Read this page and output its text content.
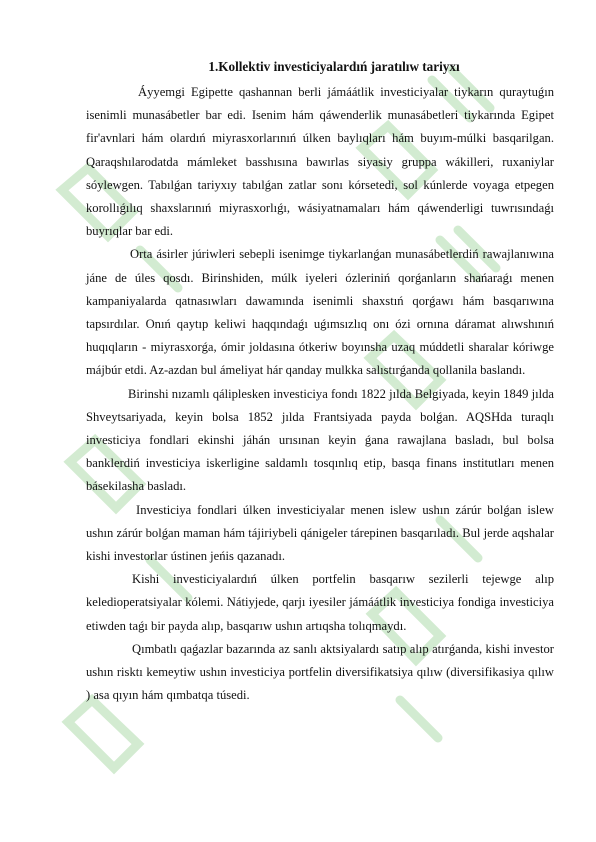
1.Kollektiv investiciyalardıń jaratılıw tariyxı

Áyyemgi Egipette qashannan berli jámáátlik investiciyalar tiykarın quraytuǵın isenimli munasábetler bar edi. Isenim hám qáwenderlik munasábetleri tiykarında Egipet fir'avnlari hám olardıń miyrasxorlarınıń úlken baylıqları hám buyım-múlki basqarilgan. Qaraqshılarodatda mámleket basshısına bawırlas siyasiy gruppa wákilleri, ruxaniylar sóylewgen. Tabılǵan tariyxıy tabılǵan zatlar sonı kórsetedi, sol kúnlerde voyaga etpegen korollıǵılıq shaxslarınıń miyrasxorlıǵı, wásiyatnamaları hám qáwenderligi tuwrısındaǵı buyrıqlar bar edi.

Orta ásirler júriwleri sebepli isenimge tiykarlanǵan munasábetlerdiń rawajlanıwına jáne de úles qosdı. Birinshiden, múlk iyeleri ózleriniń qorǵanların shańaraǵı menen kampaniyalarda qatnasıwları dawamında isenimli shaxstıń qorǵawı hám basqarıwına tapsırdılar. Onıń qaytıp keliwi haqqındaǵı uǵımsızlıq onı ózi ornına dáramat alıwshınıń huqıqların - miyrasxorǵa, ómir joldasına ótkeriw boyınsha uzaq múddetli sharalar kóriwge májbúr etdi. Az-azdan bul ámeliyat hár qanday mulkka salıstırǵanda qollanila baslandı.

Birinshi nızamlı qáliplesken investiciya fondı 1822 jılda Belgiyada, keyin 1849 jılda Shveytsariyada, keyin bolsa 1852 jılda Frantsiyada payda bolǵan. AQSHda turaqlı investiciya fondlari ekinshi jáhán urısınan keyin ǵana rawajlana basladı, bul bolsa banklerdiń investiciya iskerligine saldamlı tosqınlıq etip, basqa finans institutları menen básekilasha basladı.

Investiciya fondlari úlken investiciyalar menen islew ushın zárúr bolǵan islew ushın zárúr bolǵan maman hám tájiriybeli qánigeler tárepinen basqarıladı. Bul jerde aqshalar kishi investorlar ústinen jeńis qazanadı.

Kishi investiciyalardıń úlken portfelin basqarıw sezilerli tejewge alıp keledioperatsiyalar kólemi. Nátiyjede, qarjı iyesiler jámáátlik investiciya fondiga investiciya etiwden taǵı bir payda alıp, basqarıw ushın artıqsha tolıqmaydı.

Qımbatlı qaǵazlar bazarında az sanlı aktsiyalardı satıp alıp atırǵanda, kishi investor ushın risktı kemeytiw ushın investiciya portfelin diversifikatsiya qılıw (diversifikasiya qılıw ) asa qıyın hám qımbatqa túsedi.
